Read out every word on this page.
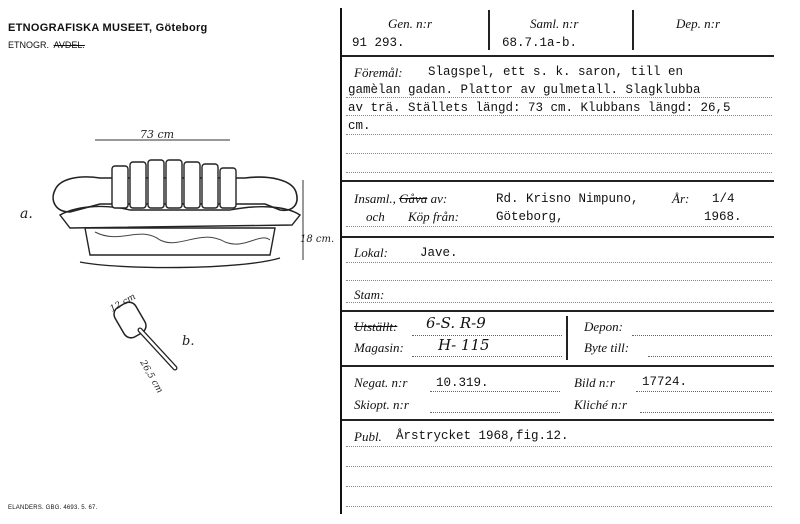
ETNOGRAFISKA MUSEET, Göteborg
ETNOGR. AVDEL.
73 cm
a.
18 cm.
12 cm
26,5 cm
b.
ELANDERS. GBG. 4693. 5. 67.
Gen. n:r
91 293.
Saml. n:r
68.7.1a-b.
Dep. n:r
Föremål: Slagspel, ett s. k. saron, till en
gamèlan gadan. Plattor av gulmetall. Slagklubba
av trä. Ställets längd: 73 cm. Klubbans längd: 26,5
cm.
Insaml., Gåva av:	Rd. Krisno Nimpuno,	År: 1/4
och Köp från:	Göteborg,	1968.
Lokal:	Jave.
Stam:
Utställt: 6-S. R-9
Magasin: H- 115
Depon:
Byte till:
Negat. n:r 10.319.	Bild n:r 17724.
Skiopt. n:r	Kliché n:r
Publ. Årstrycket 1968,fig.12.
